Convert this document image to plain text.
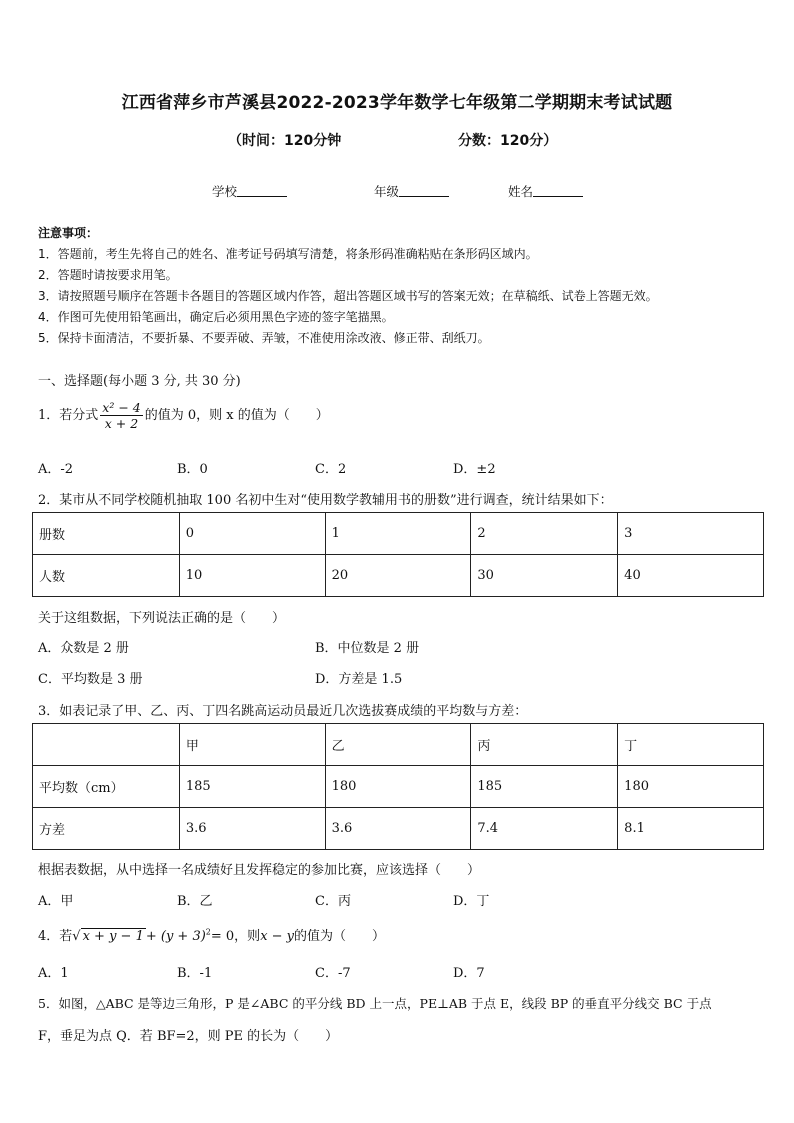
江西省萍乡市芦溪县2022-2023学年数学七年级第二学期期末考试试题
（时间：120分钟	分数：120分）
学校	年级	姓名
注意事项：
1．答题前，考生先将自己的姓名、准考证号码填写清楚，将条形码准确粘贴在条形码区域内。
2．答题时请按要求用笔。
3．请按照题号顺序在答题卡各题目的答题区域内作答，超出答题区域书写的答案无效；在草稿纸、试卷上答题无效。
4．作图可先使用铅笔画出，确定后必须用黑色字迹的签字笔描黑。
5．保持卡面清洁，不要折暴、不要弄破、弄皱，不准使用涂改液、修正带、刮纸刀。
一、选择题(每小题 3 分, 共 30 分)
1．若分式 $\frac{\text{x² − 4}}{x + 2}$ 的值为 0，则 x 的值为（　　）
A．-2	B．0	C．2	D．±2
2．某市从不同学校随机抽取 100 名初中生对“使用数学教辅用书的册数”进行调查，统计结果如下：
册数	0	1	2	3
人数	10	20	30	40
关于这组数据，下列说法正确的是（　　）
A．众数是 2 册	B．中位数是 2 册
C．平均数是 3 册	D．方差是 1.5
3．如表记录了甲、乙、丙、丁四名跳高运动员最近几次选拔赛成绩的平均数与方差：
	甲	乙	丙	丁
平均数（cm）	185	180	185	180
方差	3.6	3.6	7.4	8.1
根据表数据，从中选择一名成绩好且发挥稳定的参加比赛，应该选择（　　）
A．甲	B．乙	C．丙	D．丁
4．若√ $x + y - 1 + (y + 3)^2= 0$，则x − y的值为（　　）
A．1	B．-1	C．-7	D．7
5．如图，△ABC 是等边三角形，P 是∠ABC 的平分线 BD 上一点，PE⊥AB 于点 E，线段 BP 的垂直平分线交 BC 于点
F，垂足为点 Q．若 BF=2，则 PE 的长为（　　）
